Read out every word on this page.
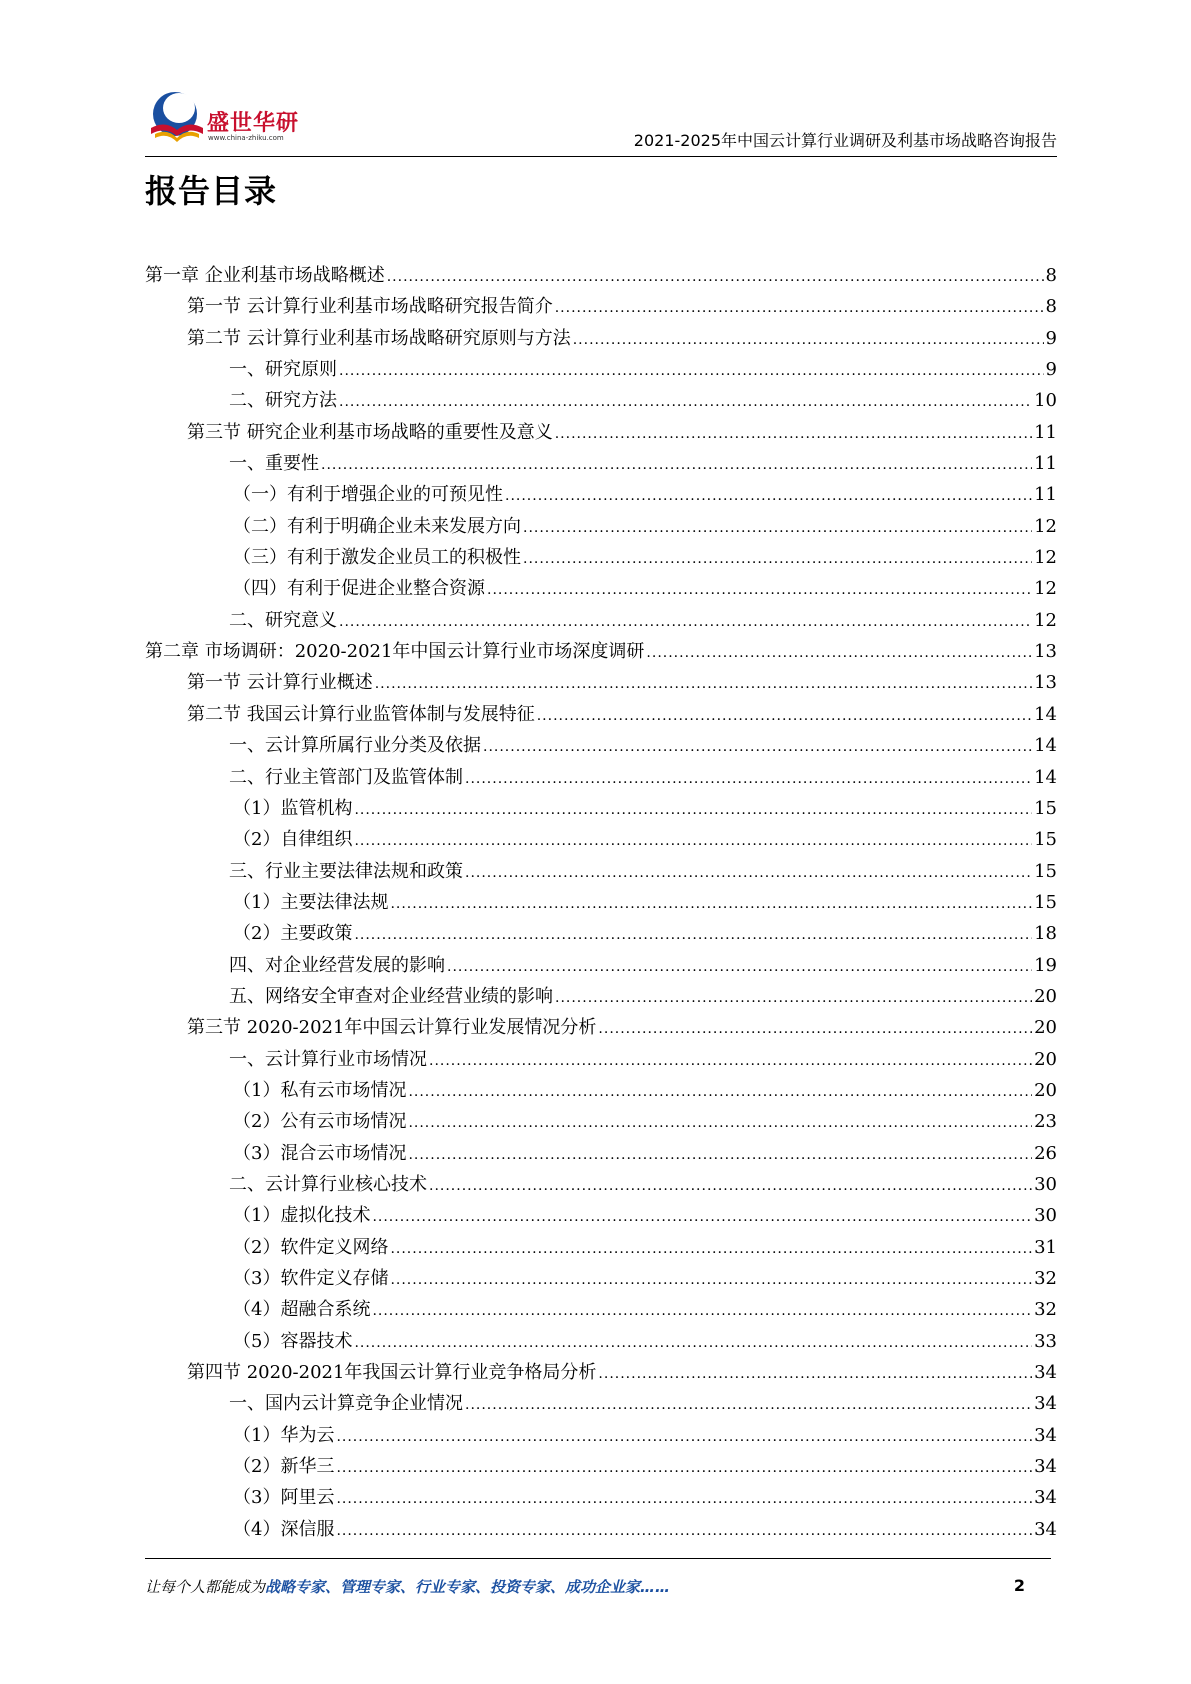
盛世华研
www.china-zhiku.com	2021-2025年中国云计算行业调研及利基市场战略咨询报告
报告目录
第一章 企业利基市场战略概述 .....	8
第一节 云计算行业利基市场战略研究报告简介 .....	8
第二节 云计算行业利基市场战略研究原则与方法 .....	9
一、研究原则 .....	9
二、研究方法 .....	10
第三节 研究企业利基市场战略的重要性及意义 .....	11
一、重要性 .....	11
（一）有利于增强企业的可预见性 .....	11
（二）有利于明确企业未来发展方向 .....	12
（三）有利于激发企业员工的积极性 .....	12
（四）有利于促进企业整合资源 .....	12
二、研究意义 .....	12
第二章 市场调研：2020-2021年中国云计算行业市场深度调研 .....	13
第一节 云计算行业概述 .....	13
第二节 我国云计算行业监管体制与发展特征 .....	14
一、云计算所属行业分类及依据 .....	14
二、行业主管部门及监管体制 .....	14
（1）监管机构 .....	15
（2）自律组织 .....	15
三、行业主要法律法规和政策 .....	15
（1）主要法律法规 .....	15
（2）主要政策 .....	18
四、对企业经营发展的影响 .....	19
五、网络安全审查对企业经营业绩的影响 .....	20
第三节 2020-2021年中国云计算行业发展情况分析 .....	20
一、云计算行业市场情况 .....	20
（1）私有云市场情况 .....	20
（2）公有云市场情况 .....	23
（3）混合云市场情况 .....	26
二、云计算行业核心技术 .....	30
（1）虚拟化技术 .....	30
（2）软件定义网络 .....	31
（3）软件定义存储 .....	32
（4）超融合系统 .....	32
（5）容器技术 .....	33
第四节 2020-2021年我国云计算行业竞争格局分析 .....	34
一、国内云计算竞争企业情况 .....	34
（1）华为云 .....	34
（2）新华三 .....	34
（3）阿里云 .....	34
（4）深信服 .....	34
让每个人都能成为战略专家、管理专家、行业专家、投资专家、成功企业家……	2
